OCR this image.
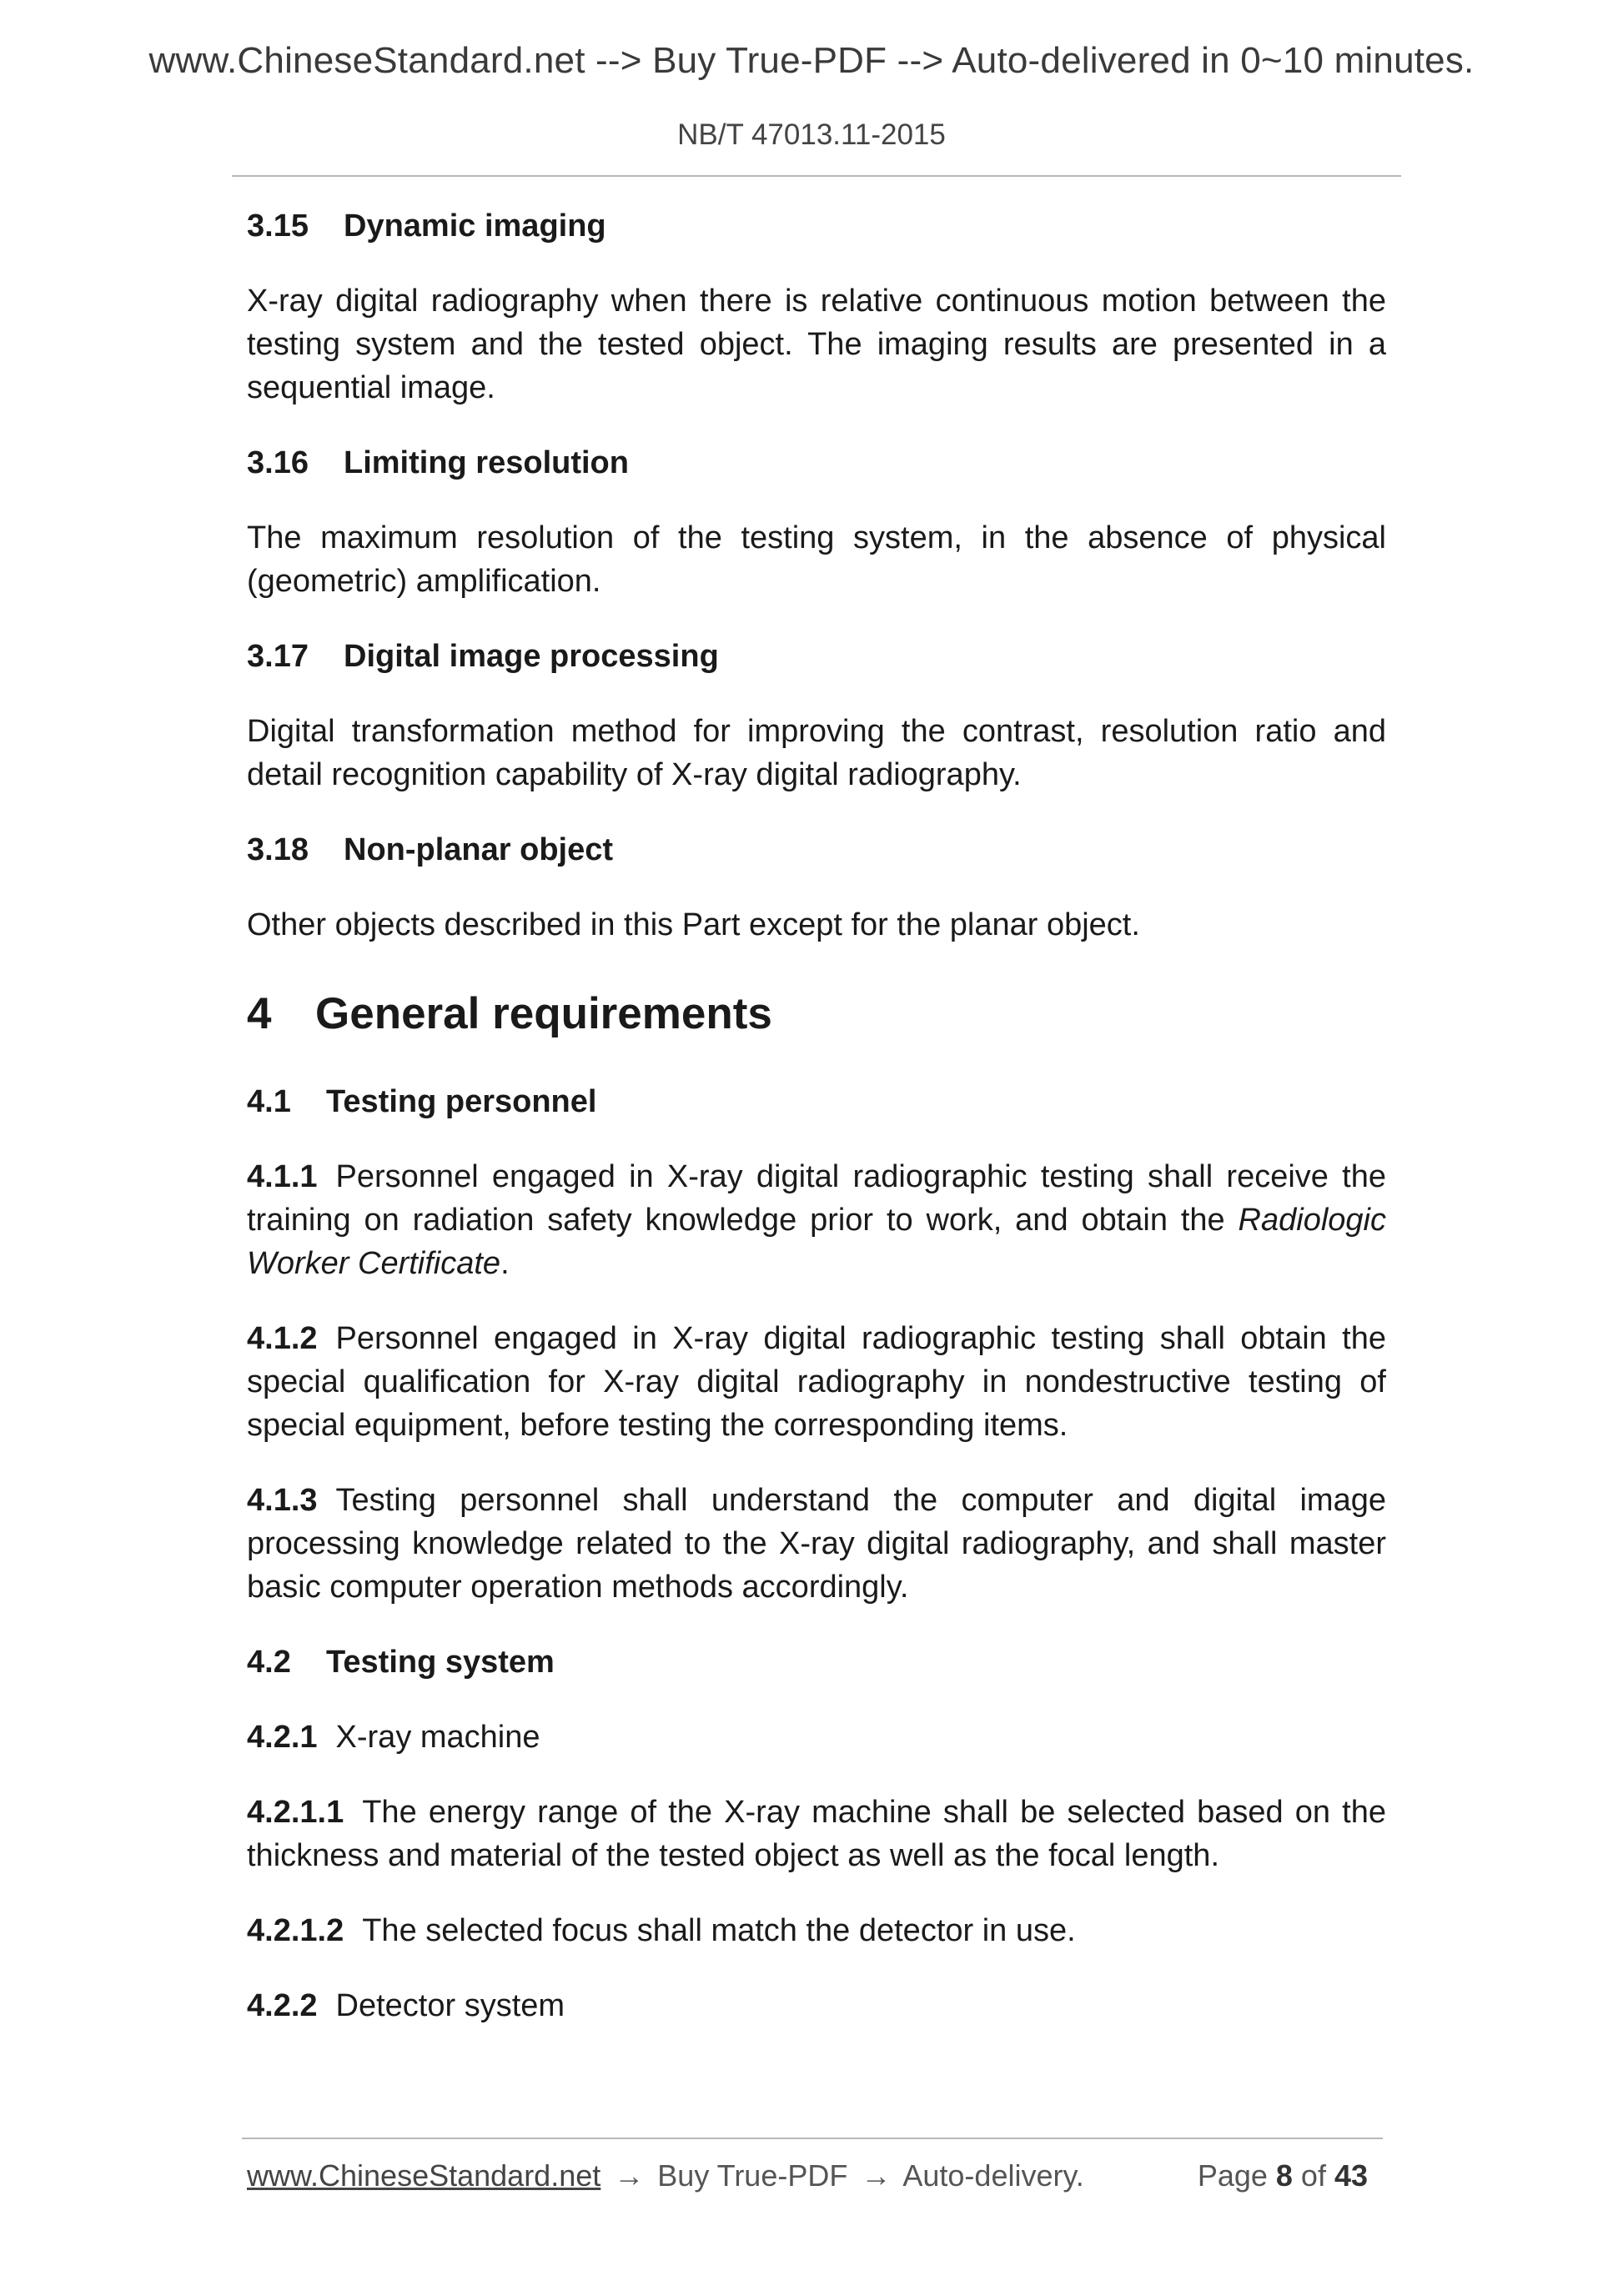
www.ChineseStandard.net --> Buy True-PDF --> Auto-delivered in 0~10 minutes.
NB/T 47013.11-2015
3.15 Dynamic imaging

X-ray digital radiography when there is relative continuous motion between the testing system and the tested object. The imaging results are presented in a sequential image.

3.16 Limiting resolution

The maximum resolution of the testing system, in the absence of physical (geometric) amplification.

3.17 Digital image processing

Digital transformation method for improving the contrast, resolution ratio and detail recognition capability of X-ray digital radiography.

3.18 Non-planar object

Other objects described in this Part except for the planar object.

4 General requirements
4.1 Testing personnel

4.1.1 Personnel engaged in X-ray digital radiographic testing shall receive the training on radiation safety knowledge prior to work, and obtain the Radiologic Worker Certificate.

4.1.2 Personnel engaged in X-ray digital radiographic testing shall obtain the special qualification for X-ray digital radiography in nondestructive testing of special equipment, before testing the corresponding items.

4.1.3 Testing personnel shall understand the computer and digital image processing knowledge related to the X-ray digital radiography, and shall master basic computer operation methods accordingly.

4.2 Testing system

4.2.1 X-ray machine

4.2.1.1 The energy range of the X-ray machine shall be selected based on the thickness and material of the tested object as well as the focal length.

4.2.1.2 The selected focus shall match the detector in use.

4.2.2 Detector system

www.ChineseStandard.net → Buy True-PDF → Auto-delivery.	Page 8 of 43
